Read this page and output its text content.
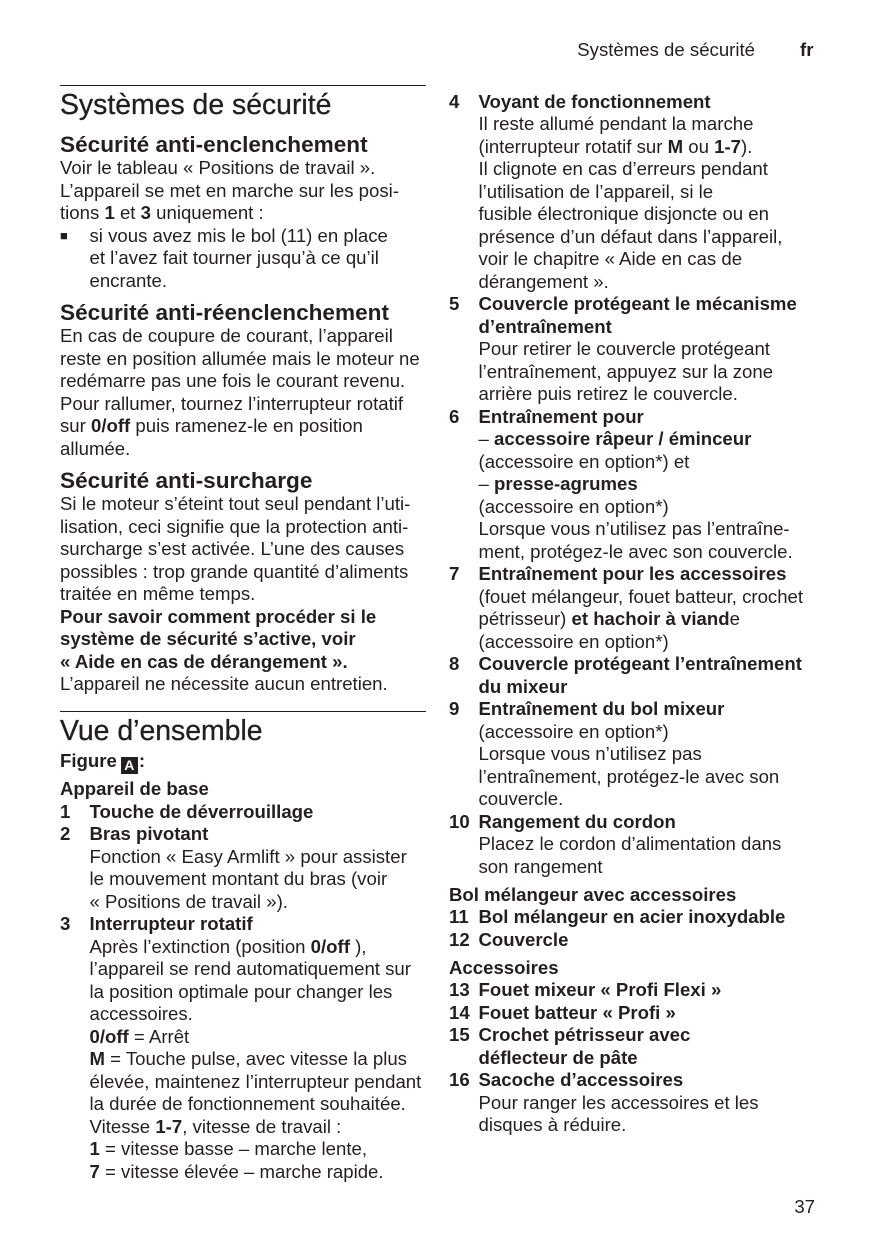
Systèmes de sécurité fr
Systèmes de sécurité
Sécurité anti-enclenchement
Voir le tableau « Positions de travail ».
L’appareil se met en marche sur les posi-
tions 1 et 3 uniquement :
■ si vous avez mis le bol (11) en place
et l’avez fait tourner jusqu’à ce qu’il
encrante.
Sécurité anti-réenclenchement
En cas de coupure de courant, l’appareil
reste en position allumée mais le moteur ne
redémarre pas une fois le courant revenu.
Pour rallumer, tournez l’interrupteur rotatif
sur 0/off puis ramenez-le en position
allumée.
Sécurité anti-surcharge
Si le moteur s’éteint tout seul pendant l’uti-
lisation, ceci signifie que la protection anti-
surcharge s’est activée. L’une des causes
possibles : trop grande quantité d’aliments
traitée en même temps.
Pour savoir comment procéder si le
système de sécurité s’active, voir
« Aide en cas de dérangement ».
L’appareil ne nécessite aucun entretien.
Vue d’ensemble
Figure A :
Appareil de base
1 Touche de déverrouillage
2 Bras pivotant
Fonction « Easy Armlift » pour assister
le mouvement montant du bras (voir
« Positions de travail »).
3 Interrupteur rotatif
Après l’extinction (position 0/off ),
l’appareil se rend automatiquement sur
la position optimale pour changer les
accessoires.
0/off = Arrêt
M = Touche pulse, avec vitesse la plus
élevée, maintenez l’interrupteur pendant
la durée de fonctionnement souhaitée.
Vitesse 1-7, vitesse de travail :
1 = vitesse basse – marche lente,
7 = vitesse élevée – marche rapide.
4 Voyant de fonctionnement
Il reste allumé pendant la marche
(interrupteur rotatif sur M ou 1-7).
Il clignote en cas d’erreurs pendant
l’utilisation de l’appareil, si le
fusible électronique disjoncte ou en
présence d’un défaut dans l’appareil,
voir le chapitre « Aide en cas de
dérangement ».
5 Couvercle protégeant le mécanisme
d’entraînement
Pour retirer le couvercle protégeant
l’entraînement, appuyez sur la zone
arrière puis retirez le couvercle.
6 Entraînement pour
– accessoire râpeur / éminceur
(accessoire en option*) et
– presse-agrumes
(accessoire en option*)
Lorsque vous n’utilisez pas l’entraîne-
ment, protégez-le avec son couvercle.
7 Entraînement pour les accessoires
(fouet mélangeur, fouet batteur, crochet
pétrisseur) et hachoir à viande
(accessoire en option*)
8 Couvercle protégeant l’entraînement
du mixeur
9 Entraînement du bol mixeur
(accessoire en option*)
Lorsque vous n’utilisez pas
l’entraînement, protégez-le avec son
couvercle.
10 Rangement du cordon
Placez le cordon d’alimentation dans
son rangement
Bol mélangeur avec accessoires
11 Bol mélangeur en acier inoxydable
12 Couvercle
Accessoires
13 Fouet mixeur « Profi Flexi »
14 Fouet batteur « Profi »
15 Crochet pétrisseur avec
déflecteur de pâte
16 Sacoche d’accessoires
Pour ranger les accessoires et les
disques à réduire.
37
